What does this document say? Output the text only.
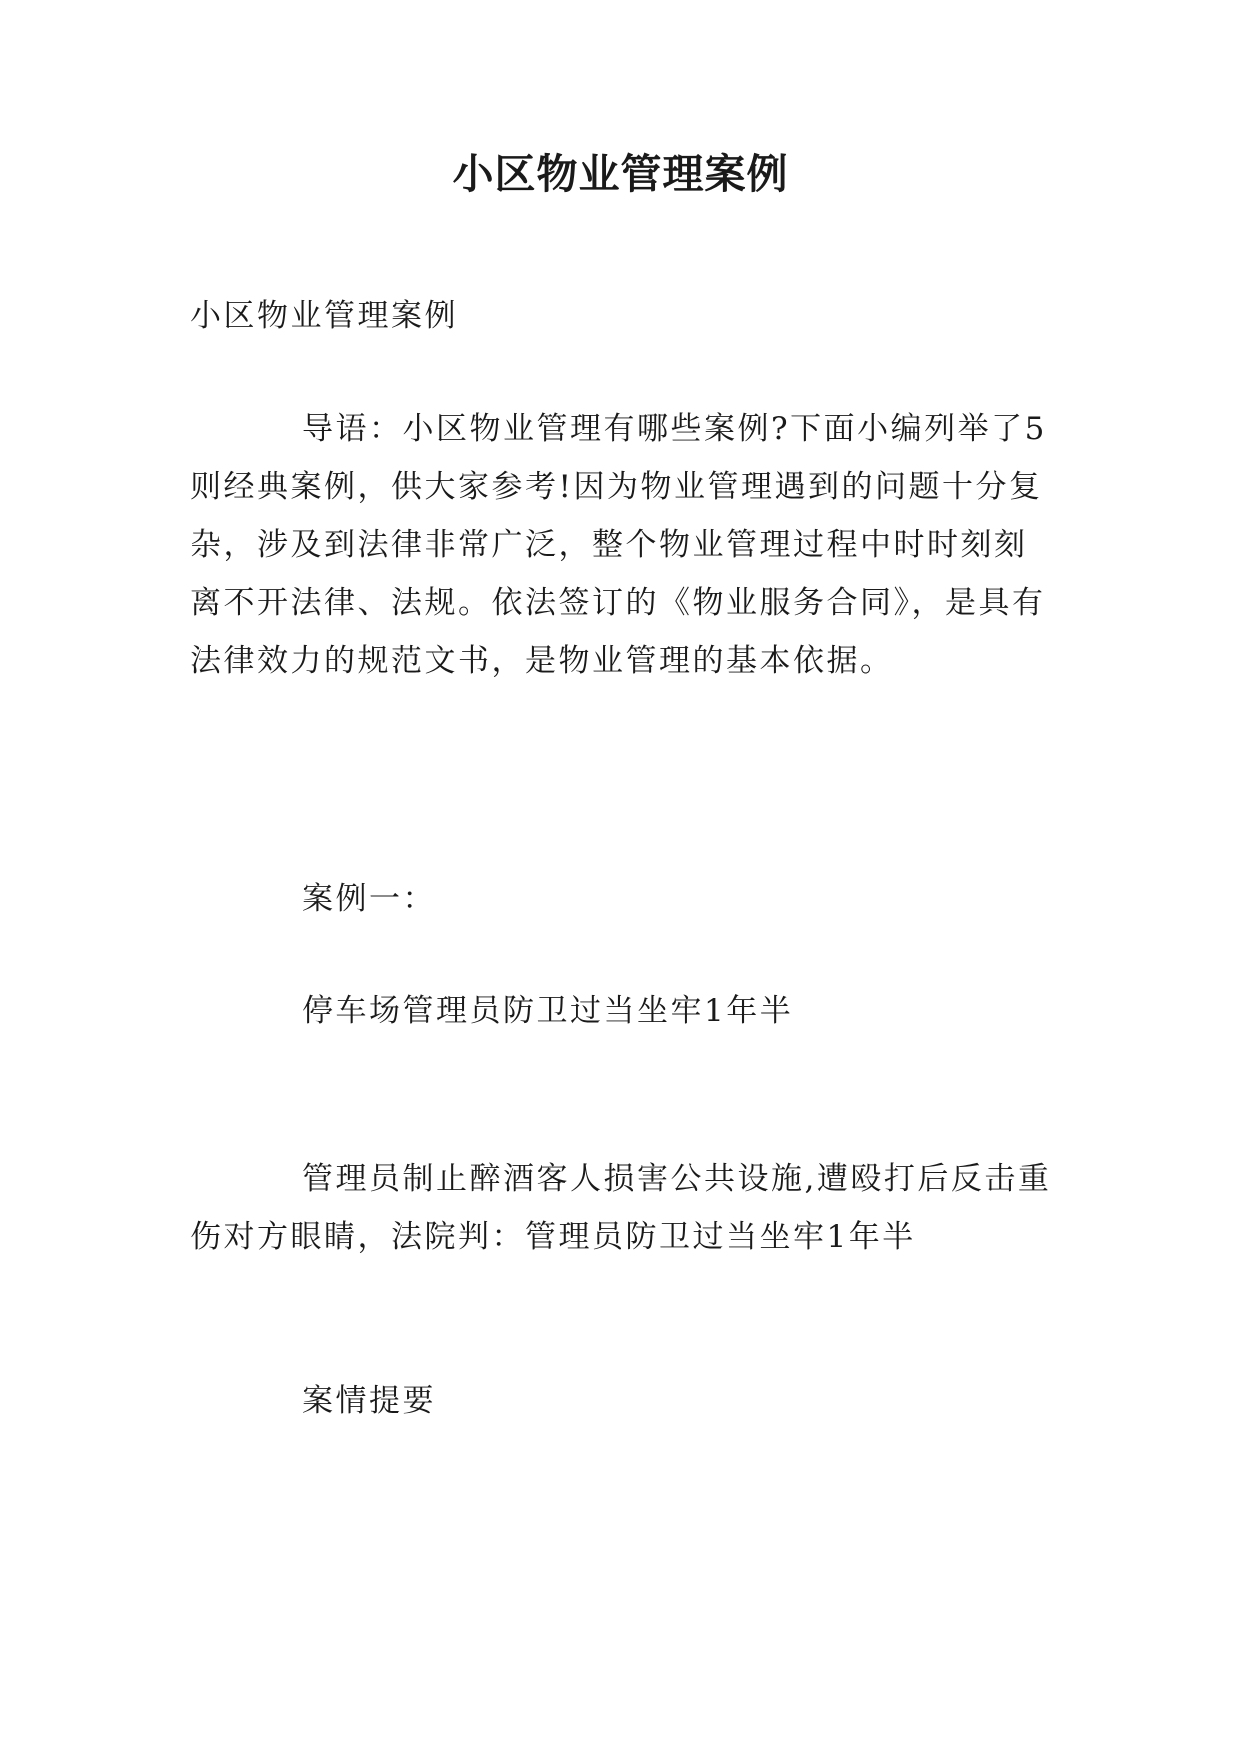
小区物业管理案例

小区物业管理案例

导语：小区物业管理有哪些案例?下面小编列举了5则经典案例，供大家参考!因为物业管理遇到的问题十分复杂，涉及到法律非常广泛，整个物业管理过程中时时刻刻离不开法律、法规。依法签订的《物业服务合同》，是具有法律效力的规范文书，是物业管理的基本依据。

案例一：

停车场管理员防卫过当坐牢1年半

管理员制止醉酒客人损害公共设施,遭殴打后反击重伤对方眼睛，法院判：管理员防卫过当坐牢1年半

案情提要
